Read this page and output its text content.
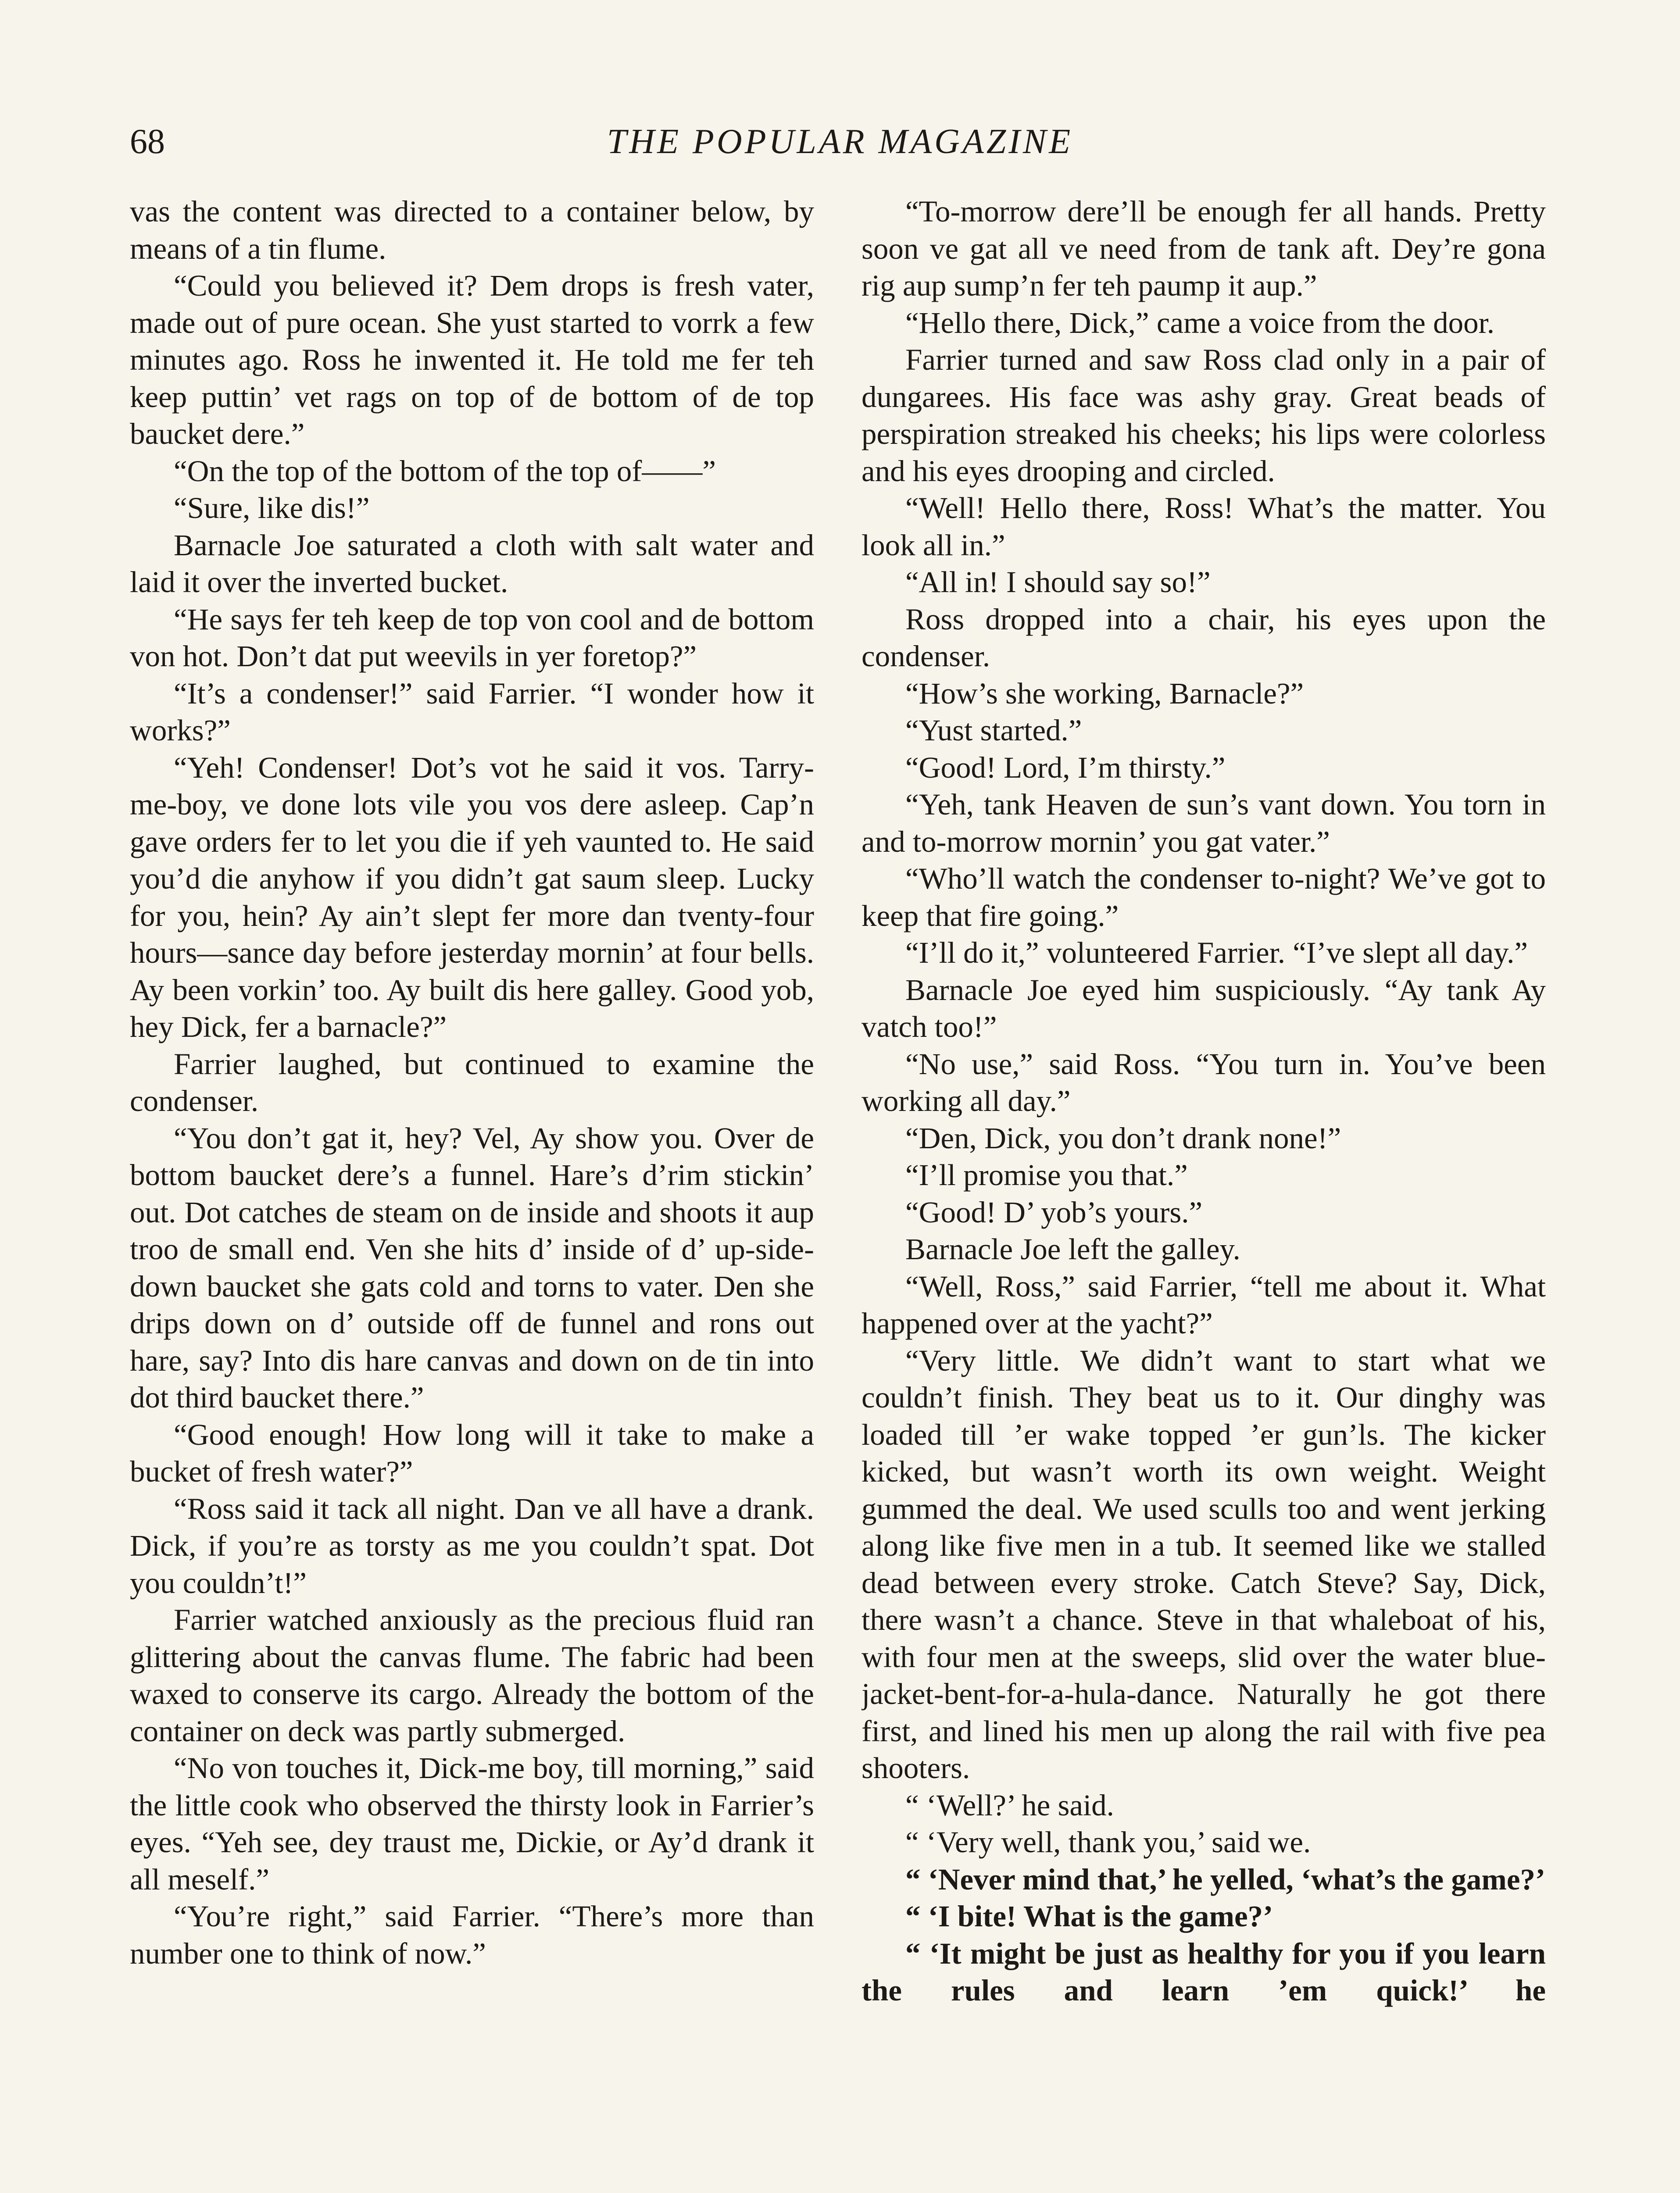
68	THE POPULAR MAGAZINE

vas the content was directed to a container below, by means of a tin flume.

“Could you believed it? Dem drops is fresh vater, made out of pure ocean. She yust started to vorrk a few minutes ago. Ross he inwented it. He told me fer teh keep puttin’ vet rags on top of de bottom of de top baucket dere.”

“On the top of the bottom of the top of——”

“Sure, like dis!”

Barnacle Joe saturated a cloth with salt water and laid it over the inverted bucket.

“He says fer teh keep de top von cool and de bottom von hot. Don’t dat put weevils in yer foretop?”

“It’s a condenser!” said Farrier. “I wonder how it works?”

“Yeh! Condenser! Dot’s vot he said it vos. Tarry-me-boy, ve done lots vile you vos dere asleep. Cap’n gave orders fer to let you die if yeh vaunted to. He said you’d die anyhow if you didn’t gat saum sleep. Lucky for you, hein? Ay ain’t slept fer more dan tventy-four hours—sance day before jesterday mornin’ at four bells. Ay been vorkin’ too. Ay built dis here galley. Good yob, hey Dick, fer a barnacle?”

Farrier laughed, but continued to examine the condenser.

“You don’t gat it, hey? Vel, Ay show you. Over de bottom baucket dere’s a funnel. Hare’s d’rim stickin’ out. Dot catches de steam on de inside and shoots it aup troo de small end. Ven she hits d’ inside of d’ up-side-down baucket she gats cold and torns to vater. Den she drips down on d’ outside off de funnel and rons out hare, say? Into dis hare canvas and down on de tin into dot third baucket there.”

“Good enough! How long will it take to make a bucket of fresh water?”

“Ross said it tack all night. Dan ve all have a drank. Dick, if you’re as torsty as me you couldn’t spat. Dot you couldn’t!”

Farrier watched anxiously as the precious fluid ran glittering about the canvas flume. The fabric had been waxed to conserve its cargo. Already the bottom of the container on deck was partly submerged.

“No von touches it, Dick-me boy, till morning,” said the little cook who observed the thirsty look in Farrier’s eyes. “Yeh see, dey traust me, Dickie, or Ay’d drank it all meself.”

“You’re right,” said Farrier. “There’s more than number one to think of now.”

“To-morrow dere’ll be enough fer all hands. Pretty soon ve gat all ve need from de tank aft. Dey’re gona rig aup sump’n fer teh paump it aup.”

“Hello there, Dick,” came a voice from the door.

Farrier turned and saw Ross clad only in a pair of dungarees. His face was ashy gray. Great beads of perspiration streaked his cheeks; his lips were colorless and his eyes drooping and circled.

“Well! Hello there, Ross! What’s the matter. You look all in.”

“All in! I should say so!”

Ross dropped into a chair, his eyes upon the condenser.

“How’s she working, Barnacle?”

“Yust started.”

“Good! Lord, I’m thirsty.”

“Yeh, tank Heaven de sun’s vant down. You torn in and to-morrow mornin’ you gat vater.”

“Who’ll watch the condenser to-night? We’ve got to keep that fire going.”

“I’ll do it,” volunteered Farrier. “I’ve slept all day.”

Barnacle Joe eyed him suspiciously. “Ay tank Ay vatch too!”

“No use,” said Ross. “You turn in. You’ve been working all day.”

“Den, Dick, you don’t drank none!”

“I’ll promise you that.”

“Good! D’ yob’s yours.”

Barnacle Joe left the galley.

“Well, Ross,” said Farrier, “tell me about it. What happened over at the yacht?”

“Very little. We didn’t want to start what we couldn’t finish. They beat us to it. Our dinghy was loaded till ’er wake topped ’er gun’ls. The kicker kicked, but wasn’t worth its own weight. Weight gummed the deal. We used sculls too and went jerking along like five men in a tub. It seemed like we stalled dead between every stroke. Catch Steve? Say, Dick, there wasn’t a chance. Steve in that whaleboat of his, with four men at the sweeps, slid over the water blue-jacket-bent-for-a-hula-dance. Naturally he got there first, and lined his men up along the rail with five pea shooters.

“ ‘Well?’ he said.

“ ‘Very well, thank you,’ said we.

“ ‘Never mind that,’ he yelled, ‘what’s the game?’

“ ‘I bite! What is the game?’

“ ‘It might be just as healthy for you if you learn the rules and learn ’em quick!’ he
